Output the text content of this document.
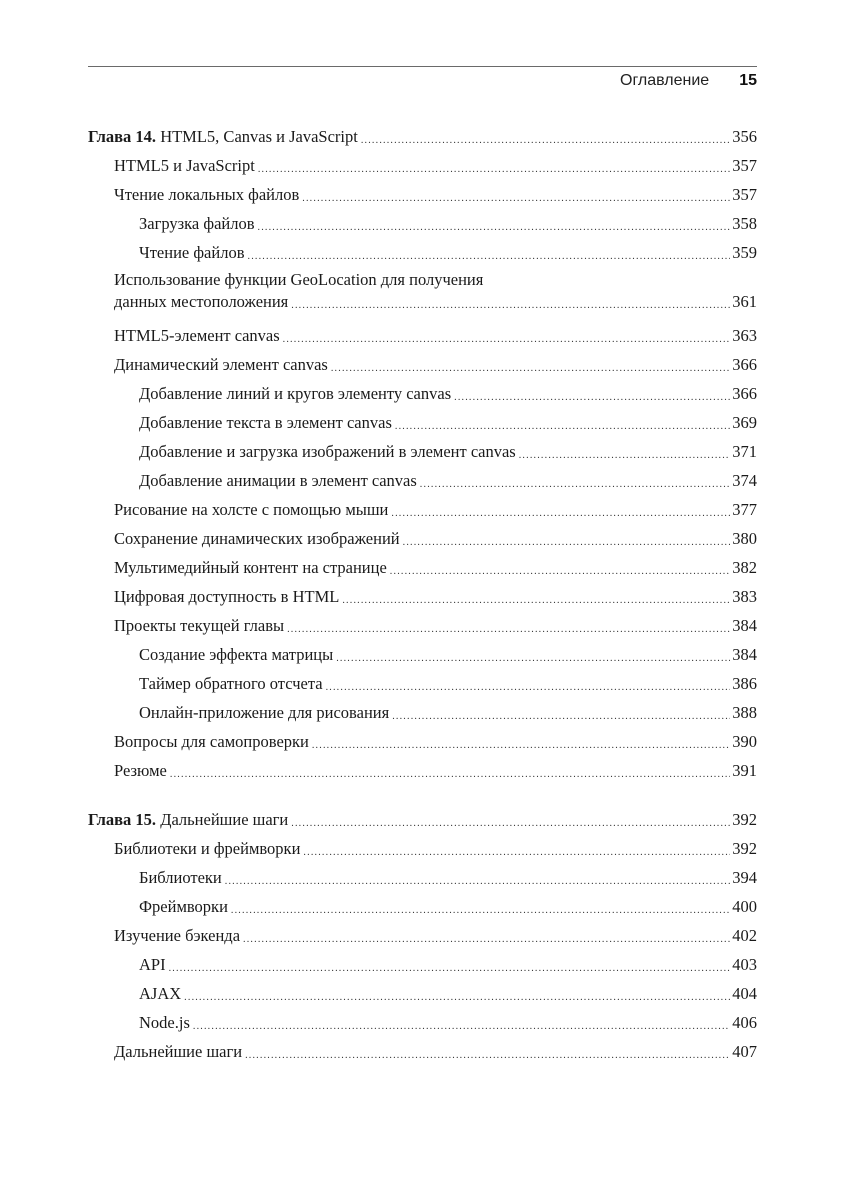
Оглавление 15
Глава 14. HTML5, Canvas и JavaScript .....	356
HTML5 и JavaScript .....	357
Чтение локальных файлов .....	357
Загрузка файлов .....	358
Чтение файлов .....	359
Использование функции GeoLocation для получения
данных местоположения .....	361
HTML5-элемент canvas .....	363
Динамический элемент canvas .....	366
Добавление линий и кругов элементу canvas .....	366
Добавление текста в элемент canvas .....	369
Добавление и загрузка изображений в элемент canvas .....	371
Добавление анимации в элемент canvas .....	374
Рисование на холсте с помощью мыши .....	377
Сохранение динамических изображений .....	380
Мультимедийный контент на странице .....	382
Цифровая доступность в HTML .....	383
Проекты текущей главы .....	384
Создание эффекта матрицы .....	384
Таймер обратного отсчета .....	386
Онлайн-приложение для рисования .....	388
Вопросы для самопроверки .....	390
Резюме .....	391
Глава 15. Дальнейшие шаги .....	392
Библиотеки и фреймворки .....	392
Библиотеки .....	394
Фреймворки .....	400
Изучение бэкенда .....	402
API .....	403
AJAX .....	404
Node.js .....	406
Дальнейшие шаги .....	407
